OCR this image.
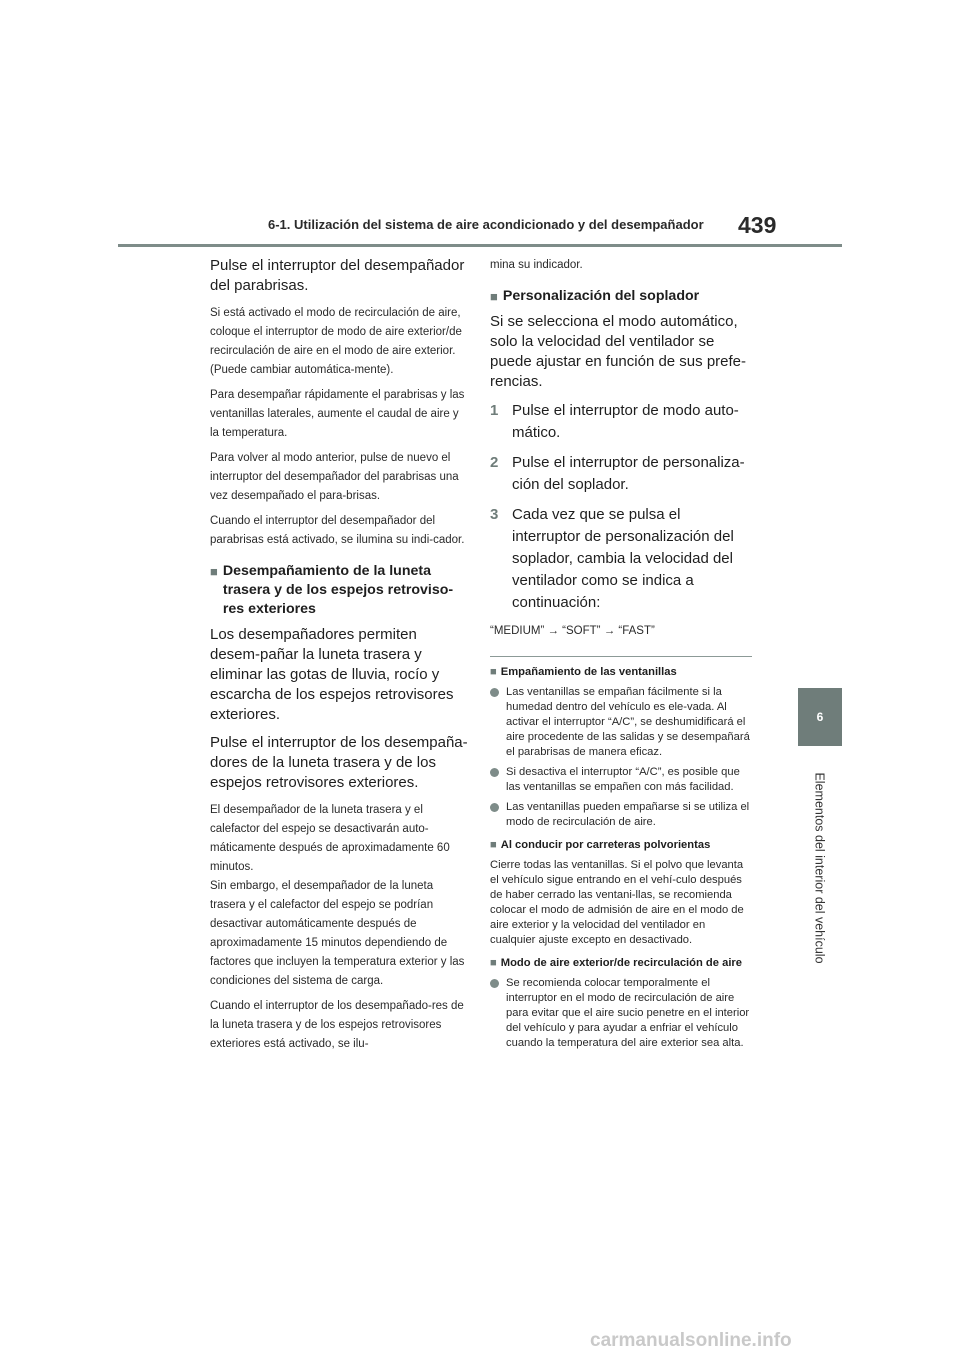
6-1. Utilización del sistema de aire acondicionado y del desempañador 439
6
Elementos del interior del vehículo

Pulse el interruptor del desempañador del parabrisas.

Si está activado el modo de recirculación de aire, coloque el interruptor de modo de aire exterior/de recirculación de aire en el modo de aire exterior. (Puede cambiar automática-mente).

Para desempañar rápidamente el parabrisas y las ventanillas laterales, aumente el caudal de aire y la temperatura.

Para volver al modo anterior, pulse de nuevo el interruptor del desempañador del parabrisas una vez desempañado el para-brisas.

Cuando el interruptor del desempañador del parabrisas está activado, se ilumina su indi-cador.

■ Desempañamiento de la luneta trasera y de los espejos retroviso-res exteriores

Los desempañadores permiten desem-pañar la luneta trasera y eliminar las gotas de lluvia, rocío y escarcha de los espejos retrovisores exteriores.

Pulse el interruptor de los desempaña-dores de la luneta trasera y de los espejos retrovisores exteriores.

El desempañador de la luneta trasera y el calefactor del espejo se desactivarán auto-máticamente después de aproximadamente 60 minutos.

Sin embargo, el desempañador de la luneta trasera y el calefactor del espejo se podrían desactivar automáticamente después de aproximadamente 15 minutos dependiendo de factores que incluyen la temperatura exterior y las condiciones del sistema de carga.

Cuando el interruptor de los desempañado-res de la luneta trasera y de los espejos retrovisores exteriores está activado, se ilu-

mina su indicador.

■ Personalización del soplador

Si se selecciona el modo automático, solo la velocidad del ventilador se puede ajustar en función de sus prefe-rencias.

1 Pulse el interruptor de modo auto-mático.
2 Pulse el interruptor de personaliza-ción del soplador.
3 Cada vez que se pulsa el interruptor de personalización del soplador, cambia la velocidad del ventilador como se indica a continuación:
“MEDIUM” → “SOFT” → “FAST”
■ Empañamiento de las ventanillas
Las ventanillas se empañan fácilmente si la humedad dentro del vehículo es ele-vada. Al activar el interruptor “A/C”, se deshumidificará el aire procedente de las salidas y se desempañará el parabrisas de manera eficaz.
Si desactiva el interruptor “A/C”, es posible que las ventanillas se empañen con más facilidad.
Las ventanillas pueden empañarse si se utiliza el modo de recirculación de aire.
■ Al conducir por carreteras polvorientas

Cierre todas las ventanillas. Si el polvo que levanta el vehículo sigue entrando en el vehí-culo después de haber cerrado las ventani-llas, se recomienda colocar el modo de admisión de aire en el modo de aire exterior y la velocidad del ventilador en cualquier ajuste excepto en desactivado.

■ Modo de aire exterior/de recirculación de aire
Se recomienda colocar temporalmente el interruptor en el modo de recirculación de aire para evitar que el aire sucio penetre en el interior del vehículo y para ayudar a enfriar el vehículo cuando la temperatura del aire exterior sea alta.
carmanualsonline.info
